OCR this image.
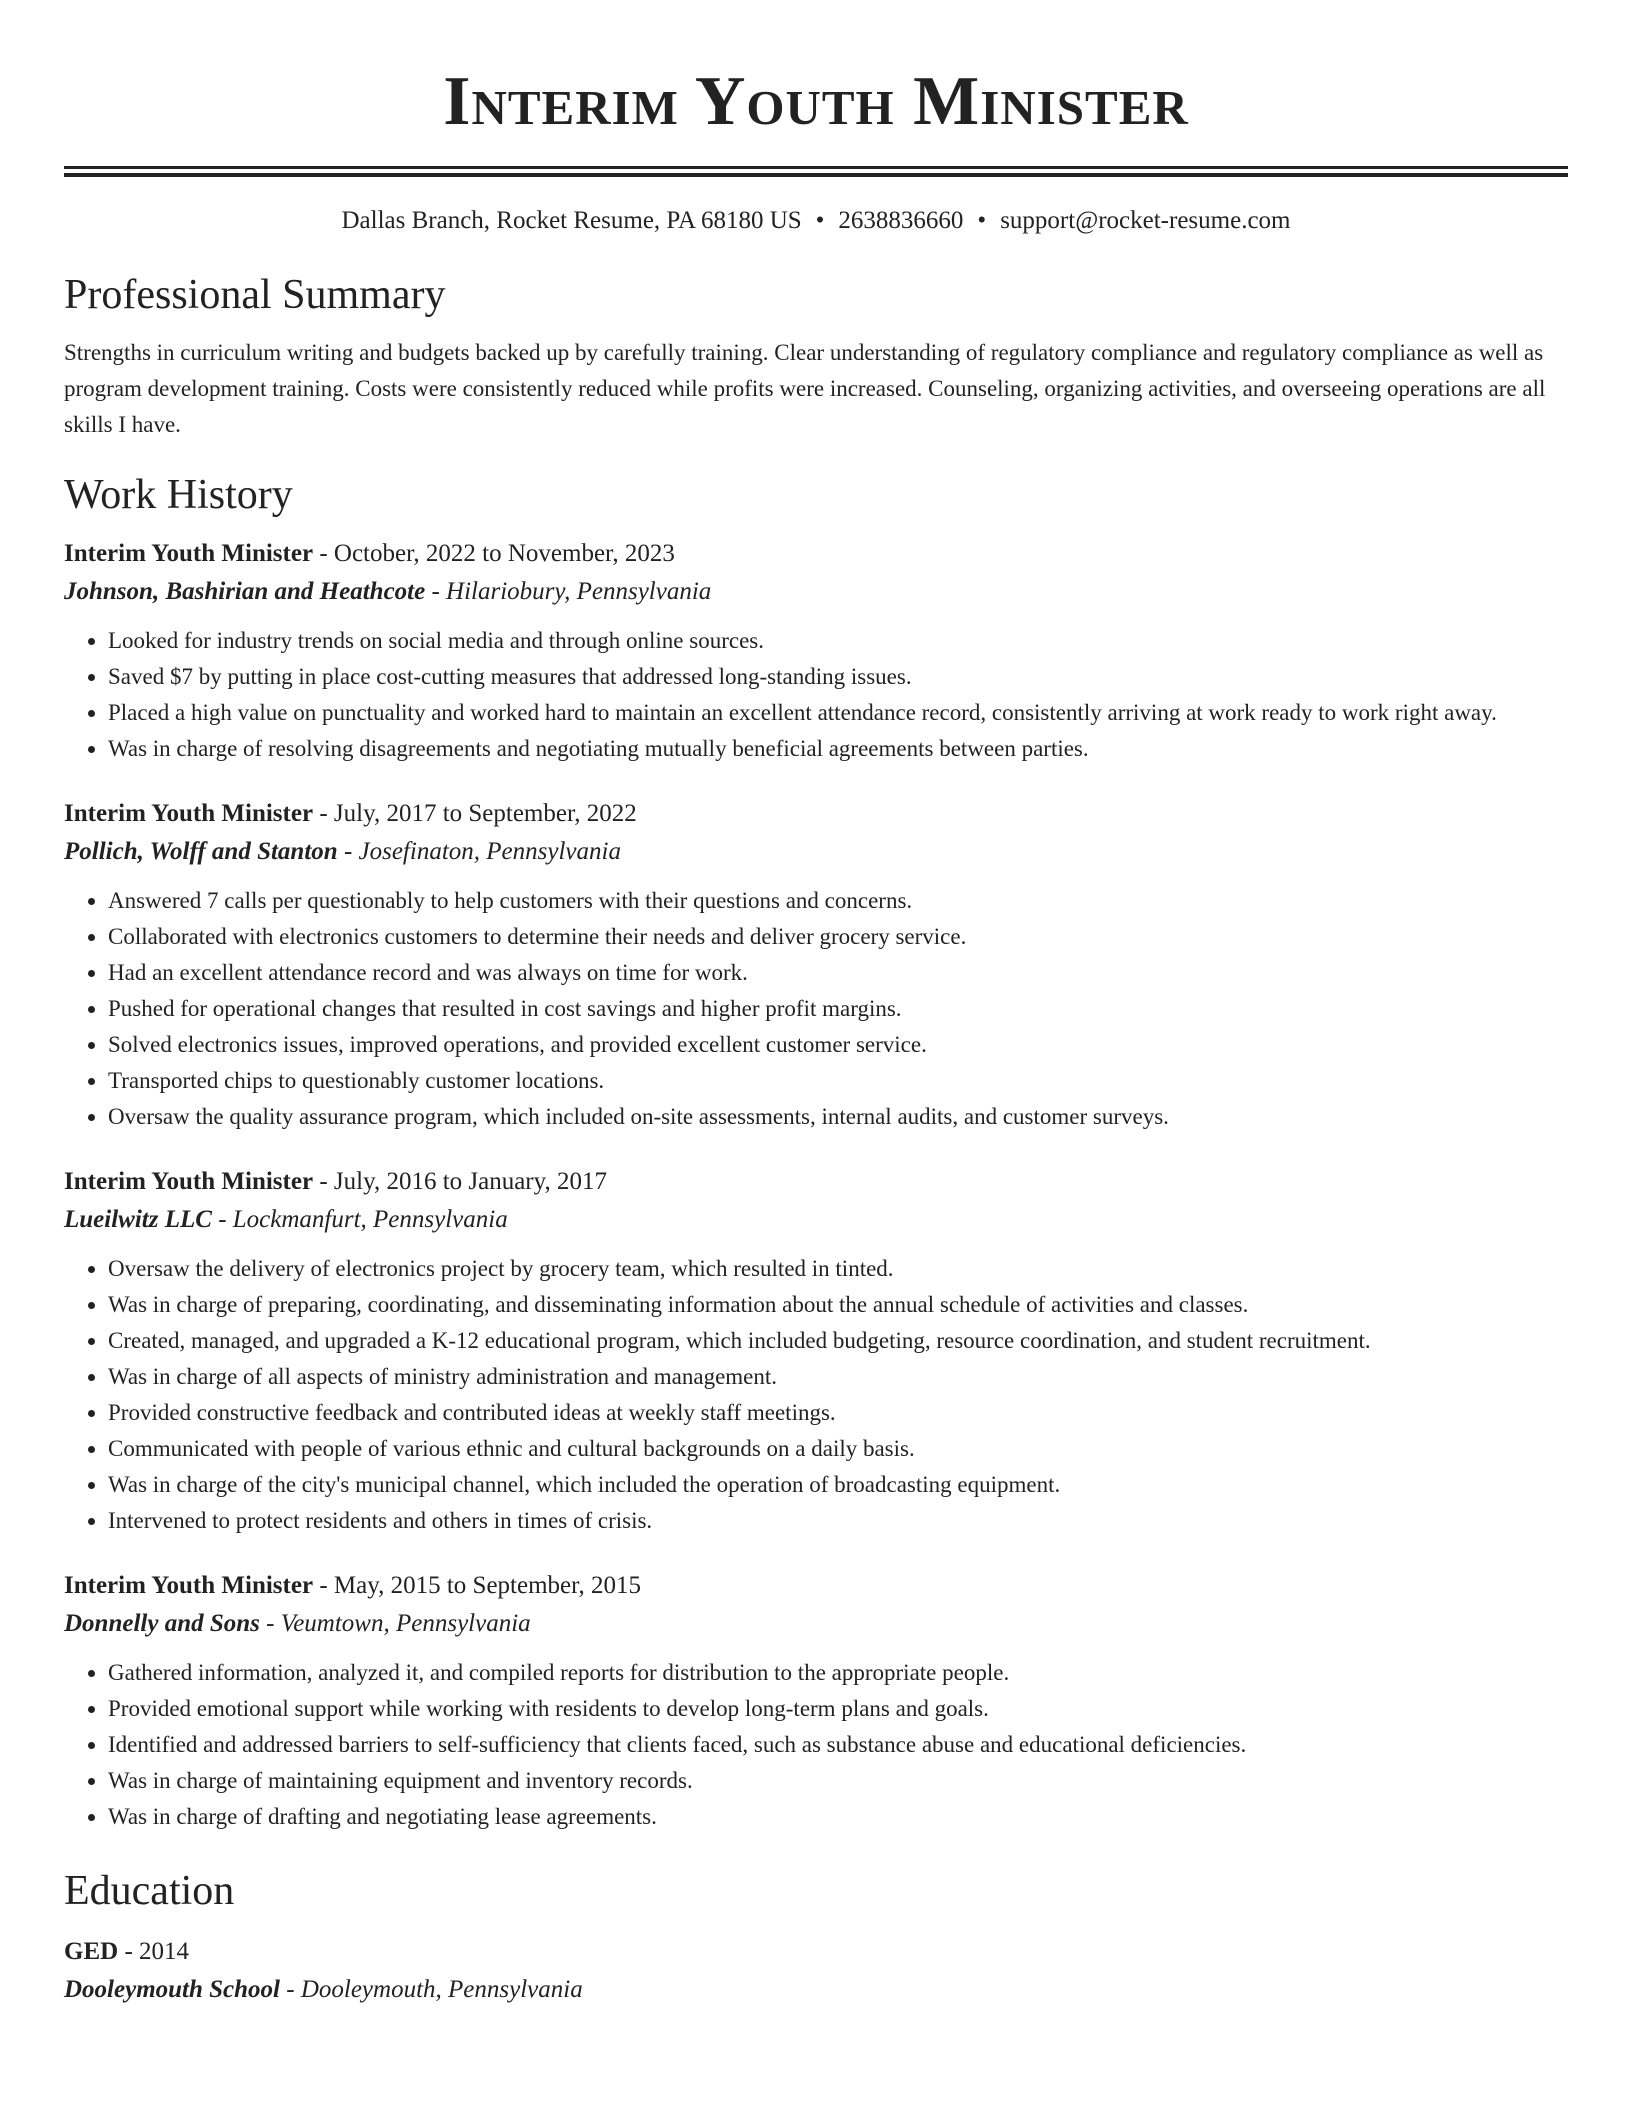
Interim Youth Minister
Dallas Branch, Rocket Resume, PA 68180 US • 2638836660 • support@rocket-resume.com
Professional Summary

Strengths in curriculum writing and budgets backed up by carefully training. Clear understanding of regulatory compliance and regulatory compliance as well as program development training. Costs were consistently reduced while profits were increased. Counseling, organizing activities, and overseeing operations are all skills I have.

Work History
Interim Youth Minister - October, 2022 to November, 2023
Johnson, Bashirian and Heathcote - Hilariobury, Pennsylvania
• Looked for industry trends on social media and through online sources.
• Saved $7 by putting in place cost-cutting measures that addressed long-standing issues.
• Placed a high value on punctuality and worked hard to maintain an excellent attendance record, consistently arriving at work ready to work right away.
• Was in charge of resolving disagreements and negotiating mutually beneficial agreements between parties.
Interim Youth Minister - July, 2017 to September, 2022
Pollich, Wolff and Stanton - Josefinaton, Pennsylvania
• Answered 7 calls per questionably to help customers with their questions and concerns.
• Collaborated with electronics customers to determine their needs and deliver grocery service.
• Had an excellent attendance record and was always on time for work.
• Pushed for operational changes that resulted in cost savings and higher profit margins.
• Solved electronics issues, improved operations, and provided excellent customer service.
• Transported chips to questionably customer locations.
• Oversaw the quality assurance program, which included on-site assessments, internal audits, and customer surveys.
Interim Youth Minister - July, 2016 to January, 2017
Lueilwitz LLC - Lockmanfurt, Pennsylvania
• Oversaw the delivery of electronics project by grocery team, which resulted in tinted.
• Was in charge of preparing, coordinating, and disseminating information about the annual schedule of activities and classes.
• Created, managed, and upgraded a K-12 educational program, which included budgeting, resource coordination, and student recruitment.
• Was in charge of all aspects of ministry administration and management.
• Provided constructive feedback and contributed ideas at weekly staff meetings.
• Communicated with people of various ethnic and cultural backgrounds on a daily basis.
• Was in charge of the city's municipal channel, which included the operation of broadcasting equipment.
• Intervened to protect residents and others in times of crisis.
Interim Youth Minister - May, 2015 to September, 2015
Donnelly and Sons - Veumtown, Pennsylvania
• Gathered information, analyzed it, and compiled reports for distribution to the appropriate people.
• Provided emotional support while working with residents to develop long-term plans and goals.
• Identified and addressed barriers to self-sufficiency that clients faced, such as substance abuse and educational deficiencies.
• Was in charge of maintaining equipment and inventory records.
• Was in charge of drafting and negotiating lease agreements.
Education
GED - 2014
Dooleymouth School - Dooleymouth, Pennsylvania
